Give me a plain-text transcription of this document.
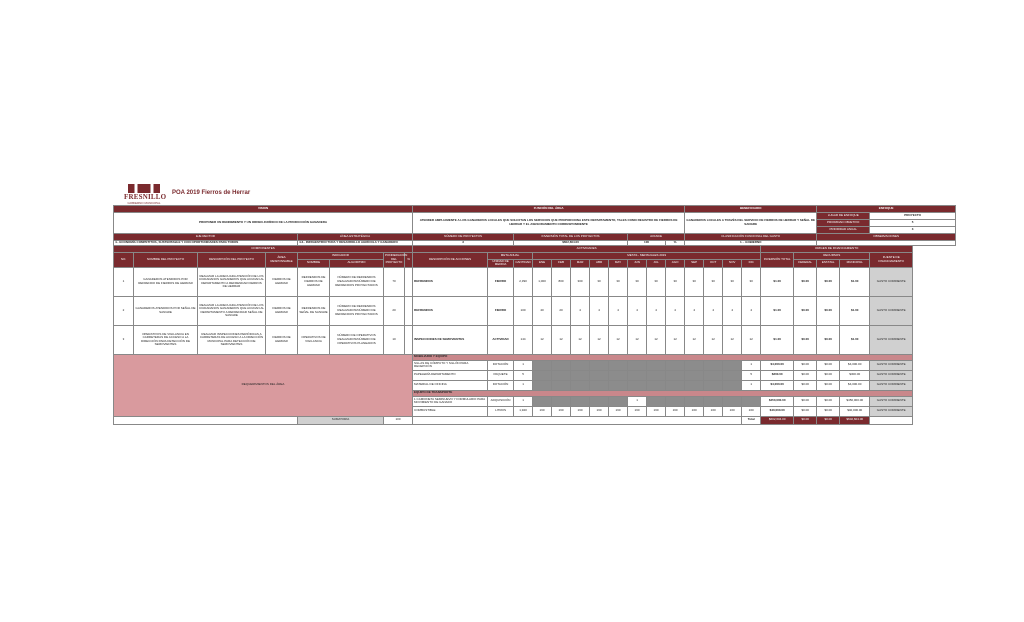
FRESNILLO
GOBIERNO MUNICIPAL
POA 2019 Fierros de Herrar
VISION								FUNCIÓN DEL ÁREA											BENEFICIARIO						ENFOQUE		
PROPONER UN RENDIMIENTO Y UN ORDEN JURÍDICO DE LA PRODUCCIÓN GANADERA								ATENDER AMPLIAMENTE A LOS GANADEROS LOCALES QUE SOLICITAN LOS SERVICIOS QUE PROPORCIONA ESTE DEPARTAMENTO, TALES COMO REGISTRO DE FIERROS DE HERRAR Y EL ASESORAMIENTO CORRESPONDIENTE											GANADEROS LOCALES A TRAVÉS DEL SERVICIO DE FIERROS DE HERRAR Y SEÑAL DE SANGRE						LUGAR DE ENFOQUE		PROYECTO
																									PRIORIDAD OBJETIVO		5
																									PRIORIDAD ANUAL		3
EJE RECTOR				LÍNEA ESTRATÉGICA				NÚMERO DE PROYECTOS		INVERSIÓN TOTAL DE LOS PROYECTOS						AVANCE			CLASIFICACIÓN FUNCIONAL DEL GASTO						OBSERVACIONES		
4.- ECONOMÍA COMPETITIVA, SUSTENTABLE Y CON OPORTUNIDADES PARA TODOS				4.3.- INFRAESTRUCTURA Y DESARROLLO AGRÍCOLA Y GANADERO				3		$602,604.00						100		%	1. - GOBIERNO								
COMPONENTES								ACTIVIDADES															ORIGEN DE FINANCIAMIENTO				
NO.	NOMBRE DEL PROYECTO	DESCRIPCIÓN DEL PROYECTO	ÁREA RESPONSABLE	INDICADOR		PONDERACIÓN DEL PROYECTO	%	DESCRIPCIÓN DE ACCIONES	META ANUAL		METAS - MENSUALES 2019												INVERSIÓN TOTAL	RECURSOS			FUENTE DE FINANCIAMIENTO
				NOMBRE	ALGORITMO				UNIDAD DE MEDIDA	CANTIDAD	ENE	FEB	MAR	ABR	MAY	JUN	JUL	AGO	SEP	OCT	NOV	DIC		FEDERAL	ESTATAL	MUNICIPAL	
1	GANADEROS ATENDIDOS POR REFRENDO DE FIERROS DE HERRAR	REALIZAR LA ADECUADA ATENCIÓN DE LOS CIUDADANOS GANADEROS QUE ACUDAN AL DEPARTAMENTO A REFRENDAR FIERROS DE HERRAR	FIERROS DE HERRAR	REFRENDOS DE FIERROS DE HERRAR	NÚMERO DE REFRENDOS REALIZADOS/NÚMERO DE REFRENDOS PROYECTADOS	70		REFRENDOS	FIERRO	2,390	1,000	800	300	30	30	30	30	30	30	30	30	30	$1.00	$0.00	$0.00	$1.00	GASTO CORRIENTE
2	GANADEROS ATENDIDOS POR SEÑAL DE SANGRE	REALIZAR LA ADECUADA ATENCIÓN DE LOS CIUDADANOS GANADEROS QUE ACUDAN AL DEPARTAMENTO A REFRENDAR SEÑAL DE SANGRE	FIERROS DE HERRAR	REFRENDOS DE SEÑAL DE SANGRE	NÚMERO DE REFRENDOS REALIZADOS/NÚMERO DE REFRENDOS PROYECTADOS	20		REFRENDOS	FIERRO	100	40	20	4	4	4	4	4	4	4	4	4	4	$1.00	$0.00	$0.00	$1.00	GASTO CORRIENTE
3	OPERATIVOS DE VIGILANCIA EN CARRETERAS DE ACCESO A LA DIRECCIÓN PARA DETECCIÓN DE SEMOVIENTES	REALIZAR INSPECCIONES PERIÓDICAS A CARRETERAS DE ACCESO A LA DIRECCIÓN MUNICIPAL PARA DETECCIÓN DE SEMOVIENTES	FIERROS DE HERRAR	OPERATIVOS DE VIGILANCIA	NÚMERO DE OPERATIVOS REALIZADOS/NÚMERO DE OPERATIVOS PLANEADOS	10		INSPECCIONES DE SEMOVIENTES	ACTIVIDAD	144	12	12	12	12	12	12	12	12	12	12	12	12	$1.00	$0.00	$0.00	$1.00	GASTO CORRIENTE
REQUERIMIENTOS DEL ÁREA								MOBILIARIO Y EQUIPO																			
								SILLAS DE CÓMPUTO Y SILLÓN PARA RECEPCIÓN	DOTACIÓN	1												1	$4,000.00	$0.00	$0.00	$4,000.00	GASTO CORRIENTE
								PAPELERÍA DEPARTAMENTO	PAQUETE	5												5	$300.00	$0.00	$0.00	$300.00	GASTO CORRIENTE
								MATERIAL DE OFICINA	DOTACIÓN	1												1	$4,000.00	$0.00	$0.00	$4,000.00	GASTO CORRIENTE
								EQUIPO DE TRANSPORTE																			
								1 CAMIONETA SEMINUEVO Y FORMULARIO PARA MOVIMIENTO DE GANADO	ADQUISICIÓN	1						1							$450,000.00	$0.00	$0.00	$450,000.00	GASTO CORRIENTE
								COMBUSTIBLE	LITROS	1,920	160	160	160	160	160	160	160	160	160	160	160	160	$40,000.00	$0.00	$0.00	$40,000.00	GASTO CORRIENTE
				SUMATORIA		100																Total	$602,604.00	$0.00	$0.00	$602,604.00	
